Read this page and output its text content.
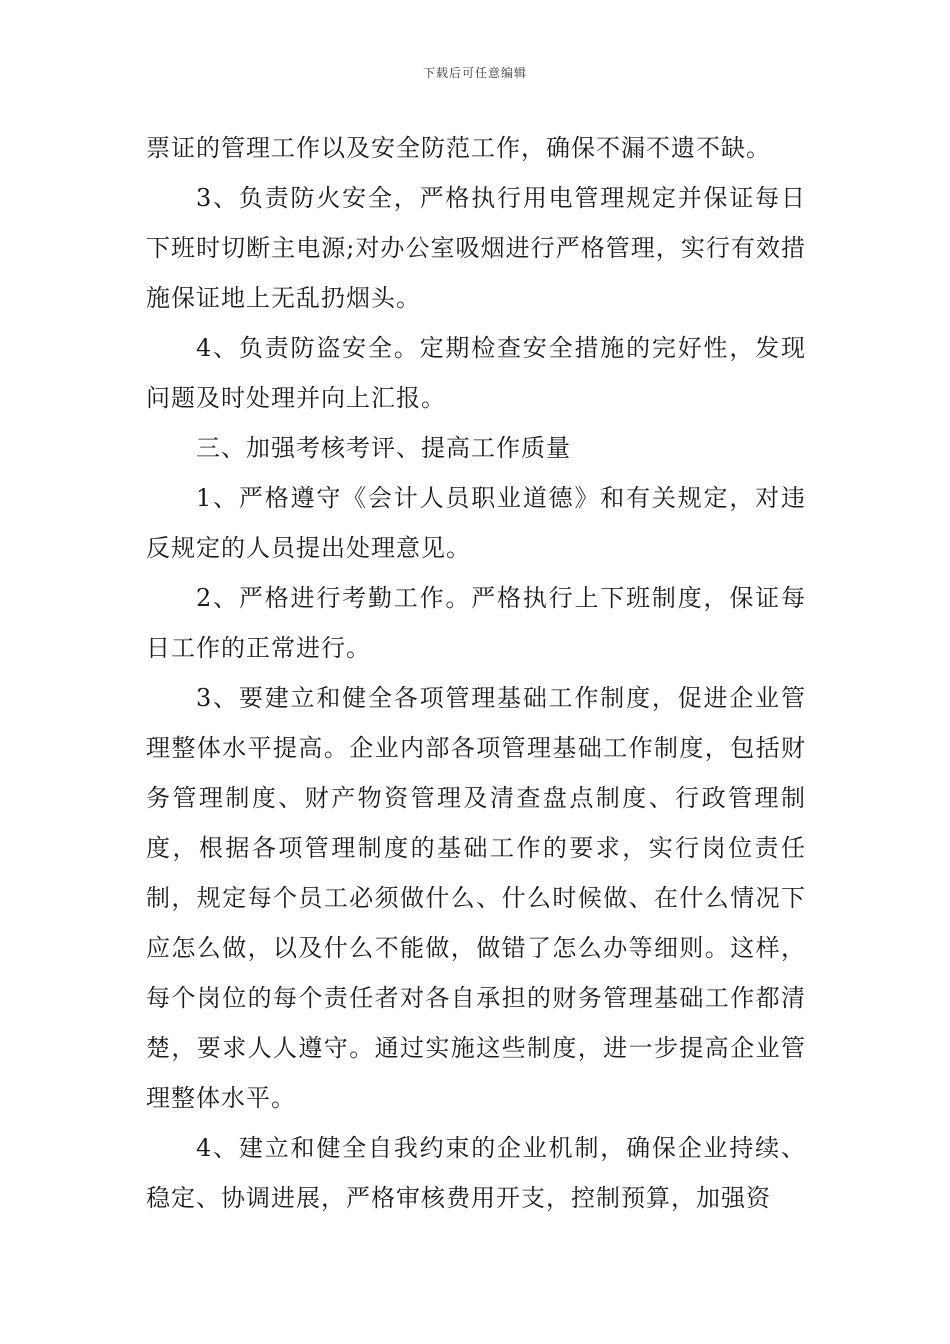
下载后可任意编辑

票证的管理工作以及安全防范工作，确保不漏不遗不缺。

3、负责防火安全，严格执行用电管理规定并保证每日下班时切断主电源;对办公室吸烟进行严格管理，实行有效措施保证地上无乱扔烟头。

4、负责防盗安全。定期检查安全措施的完好性，发现问题及时处理并向上汇报。

三、加强考核考评、提高工作质量

1、严格遵守《会计人员职业道德》和有关规定，对违反规定的人员提出处理意见。

2、严格进行考勤工作。严格执行上下班制度，保证每日工作的正常进行。

3、要建立和健全各项管理基础工作制度，促进企业管理整体水平提高。企业内部各项管理基础工作制度，包括财务管理制度、财产物资管理及清查盘点制度、行政管理制度，根据各项管理制度的基础工作的要求，实行岗位责任制，规定每个员工必须做什么、什么时候做、在什么情况下应怎么做，以及什么不能做，做错了怎么办等细则。这样，每个岗位的每个责任者对各自承担的财务管理基础工作都清楚，要求人人遵守。通过实施这些制度，进一步提高企业管理整体水平。

4、建立和健全自我约束的企业机制，确保企业持续、稳定、协调进展，严格审核费用开支，控制预算，加强资
